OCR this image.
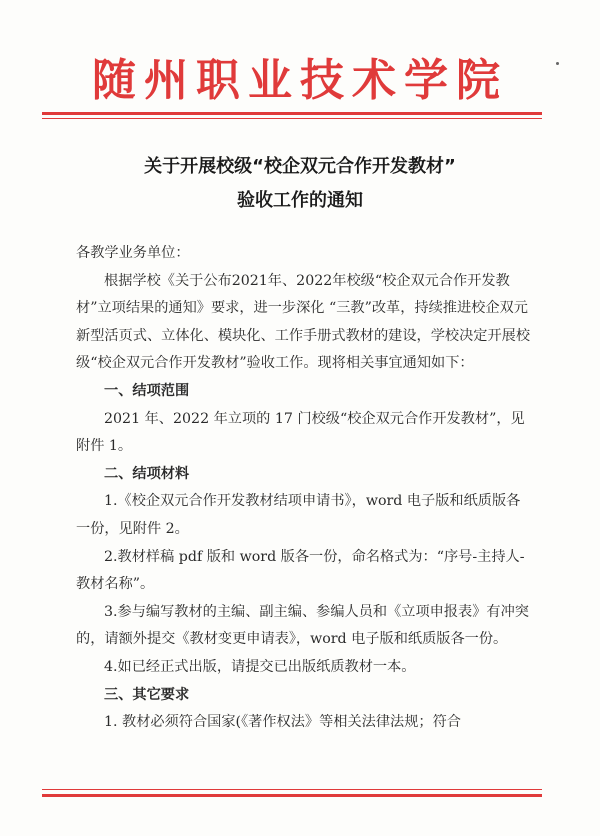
随州职业技术学院
关于开展校级“校企双元合作开发教材”
验收工作的通知

各教学业务单位：

根据学校《关于公布2021年、2022年校级“校企双元合作开发教材”立项结果的通知》要求，进一步深化 “三教”改革，持续推进校企双元新型活页式、立体化、模块化、工作手册式教材的建设，学校决定开展校级“校企双元合作开发教材”验收工作。现将相关事宜通知如下：

一、结项范围

2021 年、2022 年立项的 17 门校级“校企双元合作开发教材”，见附件 1。

二、结项材料

1.《校企双元合作开发教材结项申请书》，word 电子版和纸质版各一份，见附件 2。

2.教材样稿 pdf 版和 word 版各一份，命名格式为：“序号-主持人-教材名称”。

3.参与编写教材的主编、副主编、参编人员和《立项申报表》有冲突的，请额外提交《教材变更申请表》，word 电子版和纸质版各一份。

4.如已经正式出版，请提交已出版纸质教材一本。

三、其它要求

1. 教材必须符合国家(《著作权法》等相关法律法规；符合
